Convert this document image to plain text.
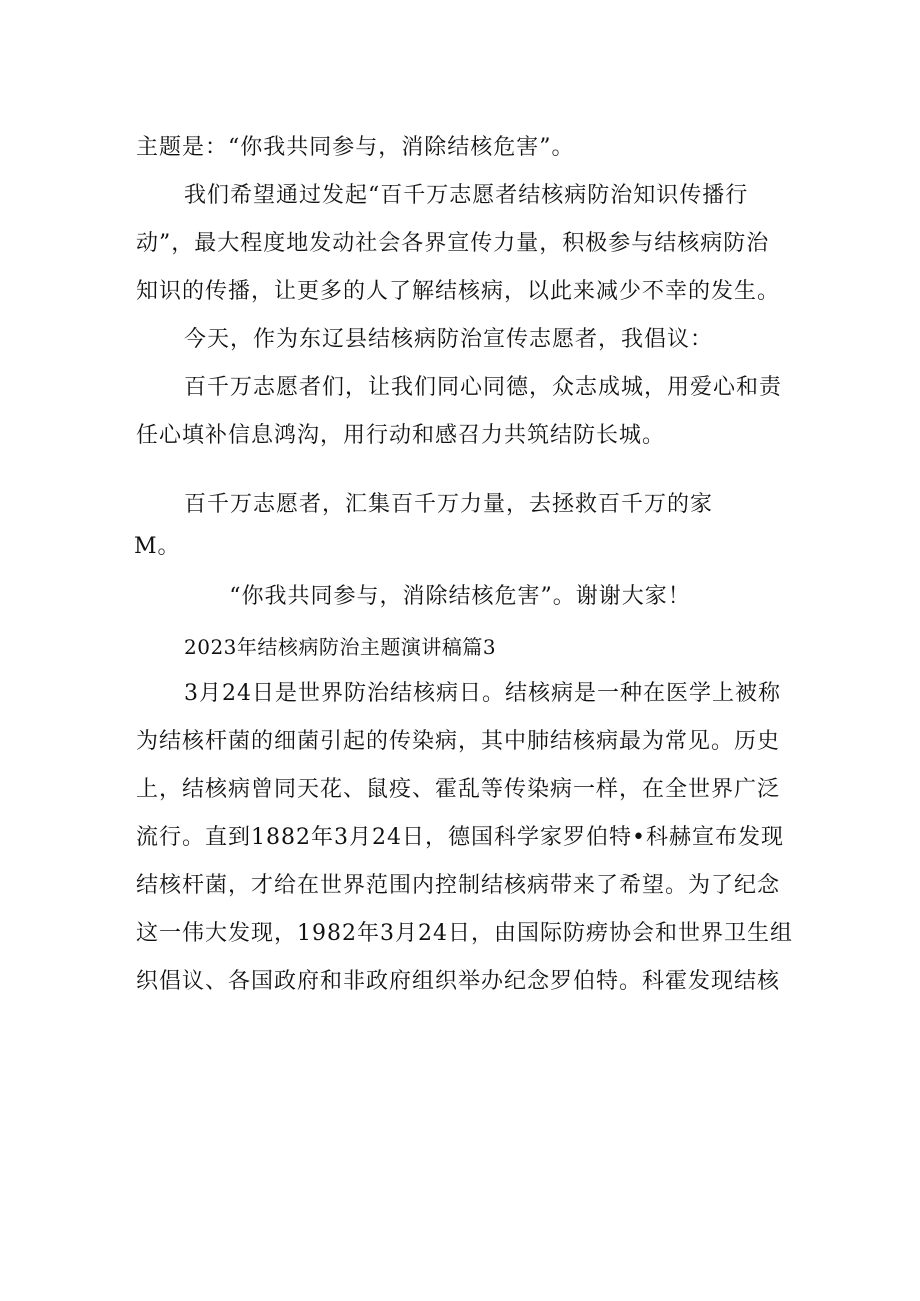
主题是：“你我共同参与，消除结核危害”。
我们希望通过发起“百千万志愿者结核病防治知识传播行
动”，最大程度地发动社会各界宣传力量，积极参与结核病防治
知识的传播，让更多的人了解结核病，以此来减少不幸的发生。
今天，作为东辽县结核病防治宣传志愿者，我倡议：
百千万志愿者们，让我们同心同德，众志成城，用爱心和责
任心填补信息鸿沟，用行动和感召力共筑结防长城。
百千万志愿者，汇集百千万力量，去拯救百千万的家
M。
“你我共同参与，消除结核危害”。谢谢大家！
2023年结核病防治主题演讲稿篇3
3月24日是世界防治结核病日。结核病是一种在医学上被称
为结核杆菌的细菌引起的传染病，其中肺结核病最为常见。历史
上，结核病曾同天花、鼠疫、霍乱等传染病一样，在全世界广泛
流行。直到1882年3月24日，德国科学家罗伯特•科赫宣布发现
结核杆菌，才给在世界范围内控制结核病带来了希望。为了纪念
这一伟大发现，1982年3月24日，由国际防痨协会和世界卫生组
织倡议、各国政府和非政府组织举办纪念罗伯特。科霍发现结核
